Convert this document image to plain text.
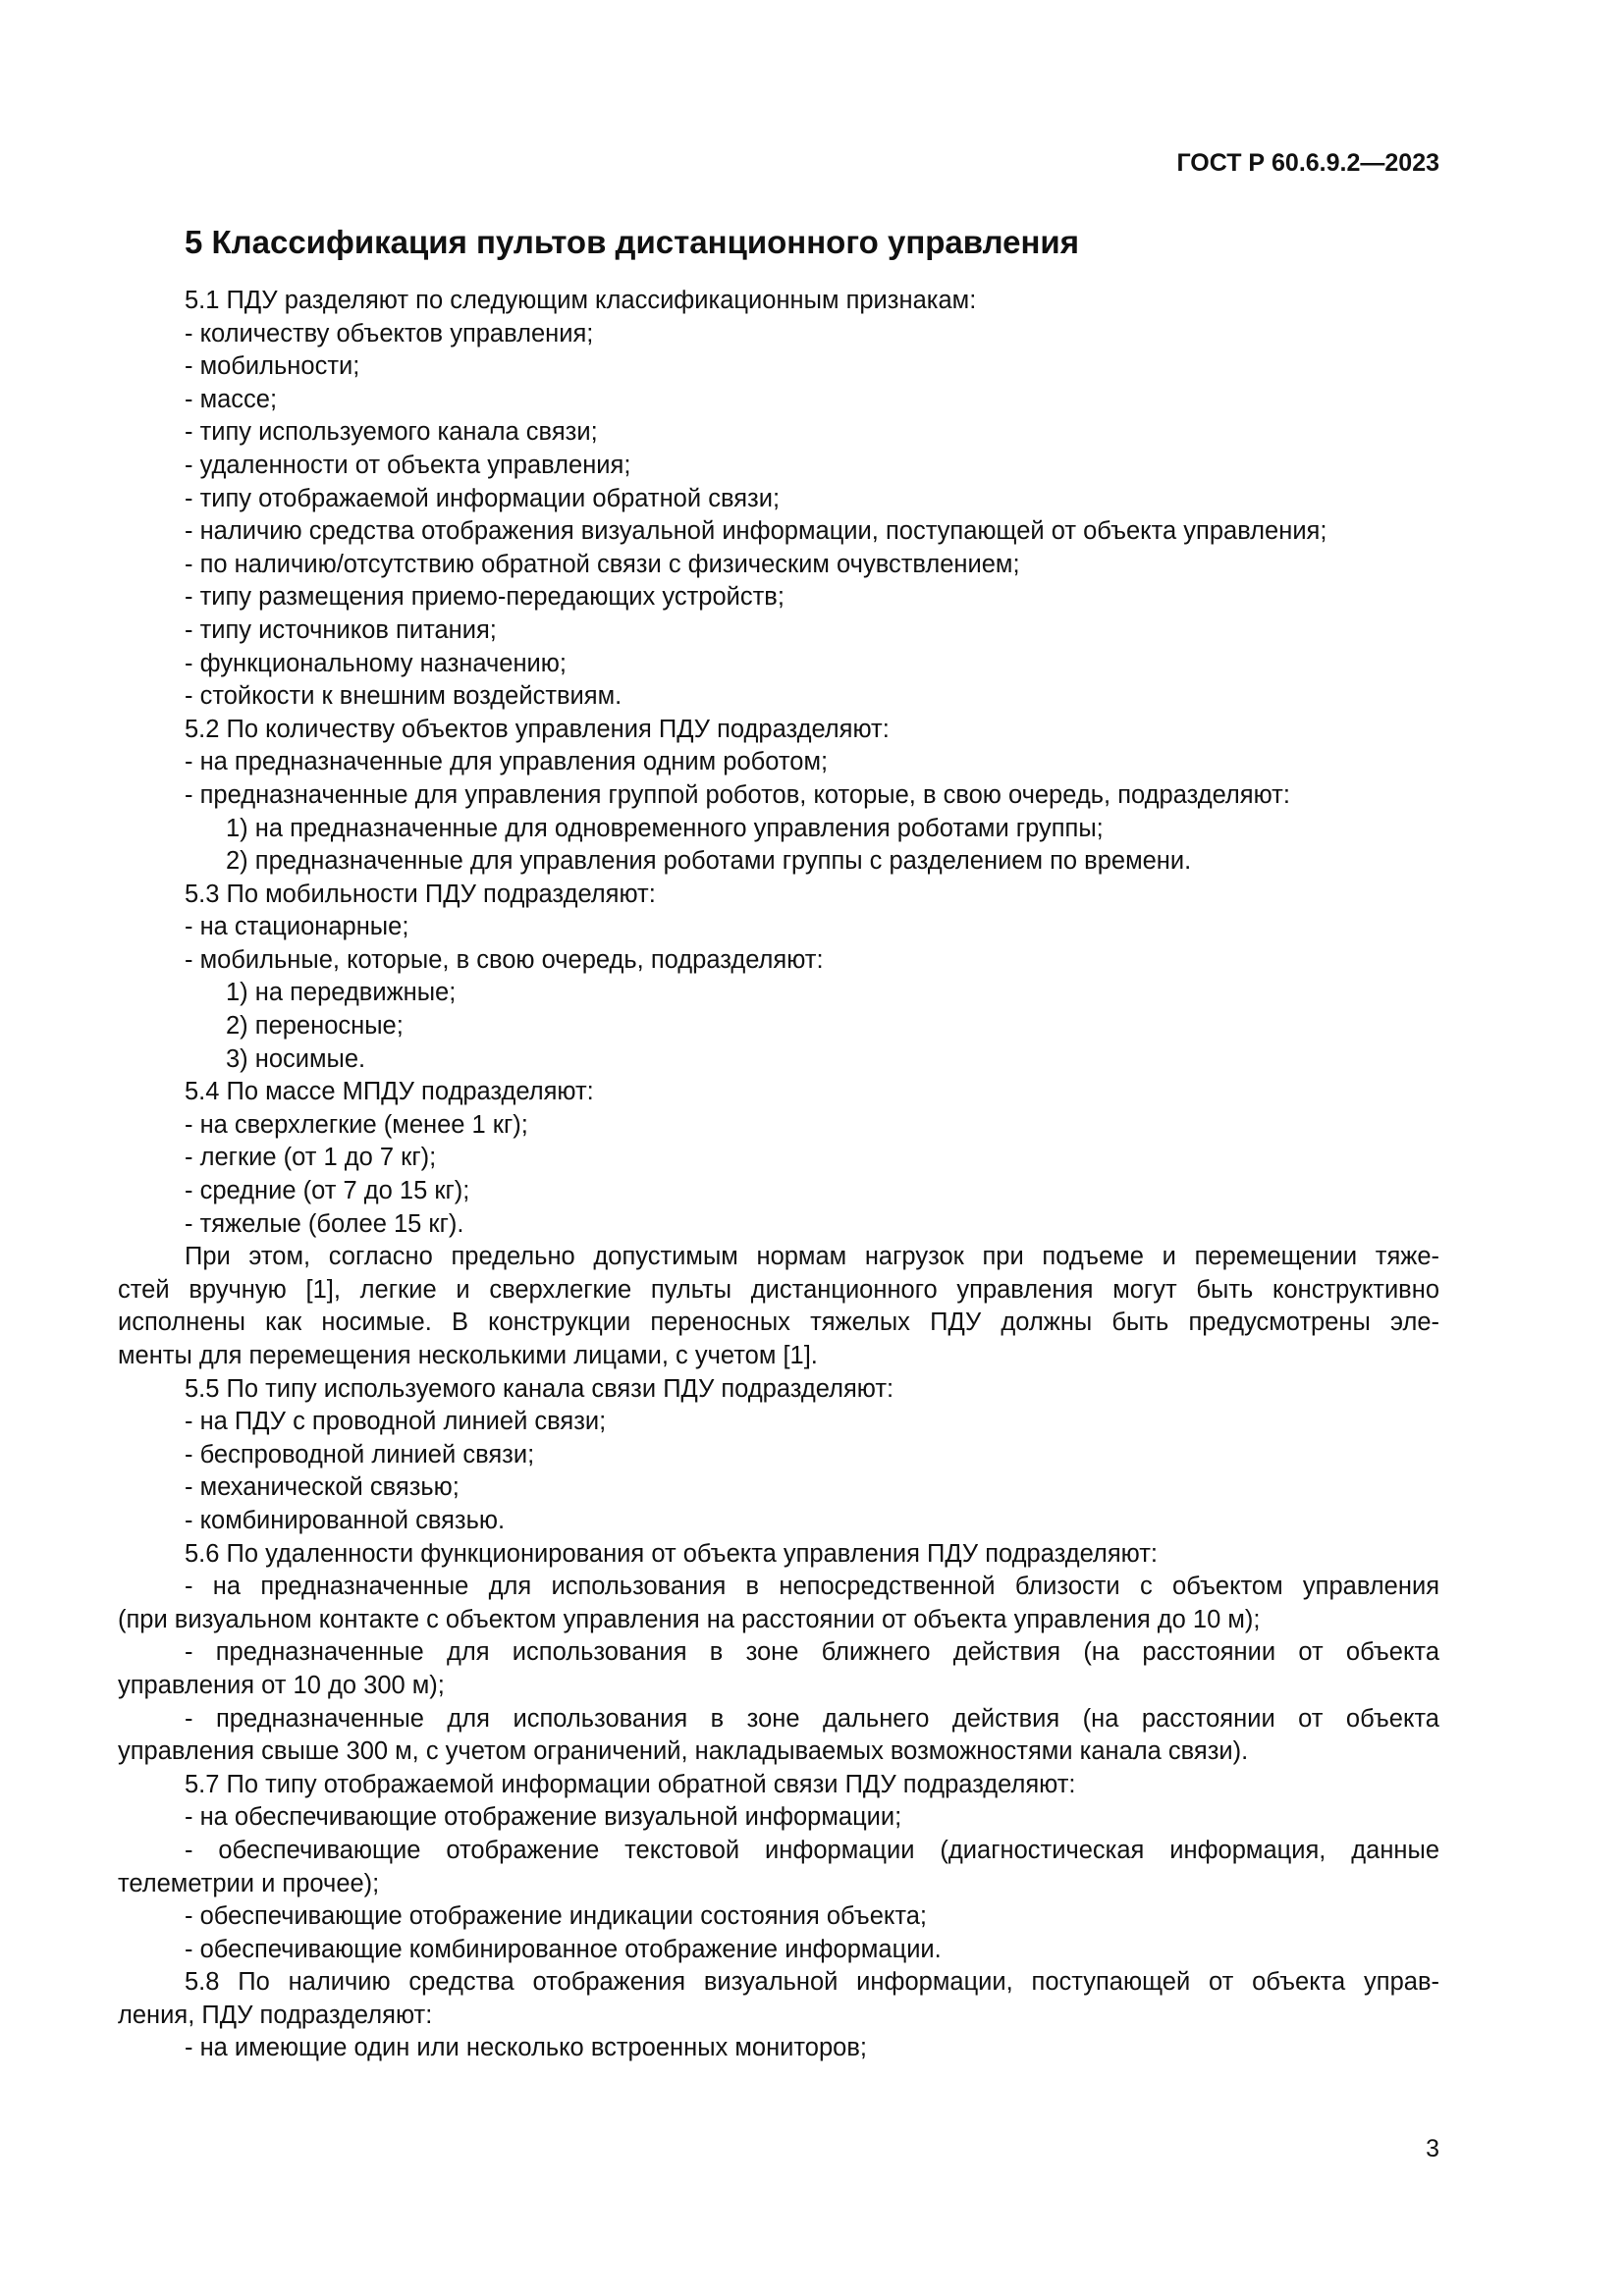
ГОСТ Р 60.6.9.2—2023
5 Классификация пультов дистанционного управления
5.1 ПДУ разделяют по следующим классификационным признакам:
- количеству объектов управления;
- мобильности;
- массе;
- типу используемого канала связи;
- удаленности от объекта управления;
- типу отображаемой информации обратной связи;
- наличию средства отображения визуальной информации, поступающей от объекта управления;
- по наличию/отсутствию обратной связи с физическим очувствлением;
- типу размещения приемо-передающих устройств;
- типу источников питания;
- функциональному назначению;
- стойкости к внешним воздействиям.
5.2 По количеству объектов управления ПДУ подразделяют:
- на предназначенные для управления одним роботом;
- предназначенные для управления группой роботов, которые, в свою очередь, подразделяют:
1) на предназначенные для одновременного управления роботами группы;
2) предназначенные для управления роботами группы с разделением по времени.
5.3 По мобильности ПДУ подразделяют:
- на стационарные;
- мобильные, которые, в свою очередь, подразделяют:
1) на передвижные;
2) переносные;
3) носимые.
5.4 По массе МПДУ подразделяют:
- на сверхлегкие (менее 1 кг);
- легкие (от 1 до 7 кг);
- средние (от 7 до 15 кг);
- тяжелые (более 15 кг).
При этом, согласно предельно допустимым нормам нагрузок при подъеме и перемещении тяже-
стей вручную [1], легкие и сверхлегкие пульты дистанционного управления могут быть конструктивно
исполнены как носимые. В конструкции переносных тяжелых ПДУ должны быть предусмотрены эле-
менты для перемещения несколькими лицами, с учетом [1].
5.5 По типу используемого канала связи ПДУ подразделяют:
- на ПДУ с проводной линией связи;
- беспроводной линией связи;
- механической связью;
- комбинированной связью.
5.6 По удаленности функционирования от объекта управления ПДУ подразделяют:
- на предназначенные для использования в непосредственной близости с объектом управления
(при визуальном контакте с объектом управления на расстоянии от объекта управления до 10 м);
- предназначенные для использования в зоне ближнего действия (на расстоянии от объекта
управления от 10 до 300 м);
- предназначенные для использования в зоне дальнего действия (на расстоянии от объекта
управления свыше 300 м, с учетом ограничений, накладываемых возможностями канала связи).
5.7 По типу отображаемой информации обратной связи ПДУ подразделяют:
- на обеспечивающие отображение визуальной информации;
- обеспечивающие отображение текстовой информации (диагностическая информация, данные
телеметрии и прочее);
- обеспечивающие отображение индикации состояния объекта;
- обеспечивающие комбинированное отображение информации.
5.8 По наличию средства отображения визуальной информации, поступающей от объекта управ-
ления, ПДУ подразделяют:
- на имеющие один или несколько встроенных мониторов;
3
